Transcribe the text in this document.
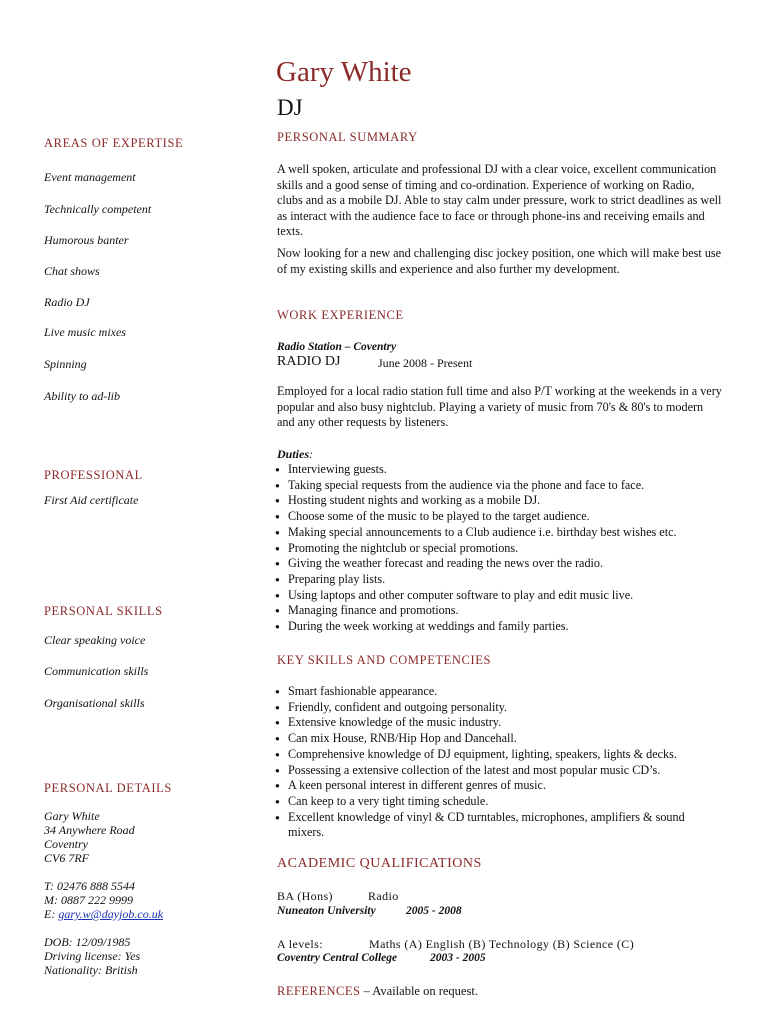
Gary White
DJ
AREAS OF EXPERTISE
Event management
Technically competent
Humorous banter
Chat shows
Radio DJ
Live music mixes
Spinning
Ability to ad-lib
PROFESSIONAL
First Aid certificate
PERSONAL SKILLS
Clear speaking voice
Communication skills
Organisational skills
PERSONAL DETAILS
Gary White
34 Anywhere Road
Coventry
CV6 7RF
T: 02476 888 5544
M: 0887 222 9999
E: gary.w@dayjob.co.uk
DOB: 12/09/1985
Driving license: Yes
Nationality: British
PERSONAL SUMMARY
A well spoken, articulate and professional DJ with a clear voice, excellent communication skills and a good sense of timing and co-ordination. Experience of working on Radio, clubs and as a mobile DJ. Able to stay calm under pressure, work to strict deadlines as well as interact with the audience face to face or through phone-ins and receiving emails and texts.
Now looking for a new and challenging disc jockey position, one which will make best use of my existing skills and experience and also further my development.
WORK EXPERIENCE
Radio Station – Coventry
RADIO DJ	June 2008 - Present
Employed for a local radio station full time and also P/T working at the weekends in a very popular and also busy nightclub. Playing a variety of music from 70's & 80's to modern and any other requests by listeners.
Duties:
● Interviewing guests.
● Taking special requests from the audience via the phone and face to face.
● Hosting student nights and working as a mobile DJ.
● Choose some of the music to be played to the target audience.
● Making special announcements to a Club audience i.e. birthday best wishes etc.
● Promoting the nightclub or special promotions.
● Giving the weather forecast and reading the news over the radio.
● Preparing play lists.
● Using laptops and other computer software to play and edit music live.
● Managing finance and promotions.
● During the week working at weddings and family parties.
KEY SKILLS AND COMPETENCIES
● Smart fashionable appearance.
● Friendly, confident and outgoing personality.
● Extensive knowledge of the music industry.
● Can mix House, RNB/Hip Hop and Dancehall.
● Comprehensive knowledge of DJ equipment, lighting, speakers, lights & decks.
● Possessing a extensive collection of the latest and most popular music CD’s.
● A keen personal interest in different genres of music.
● Can keep to a very tight timing schedule.
● Excellent knowledge of vinyl & CD turntables, microphones, amplifiers & sound mixers.
ACADEMIC QUALIFICATIONS
BA (Hons)	Radio
Nuneaton University	2005 - 2008
A levels:	Maths (A) English (B) Technology (B) Science (C)
Coventry Central College	2003 - 2005
REFERENCES – Available on request.
